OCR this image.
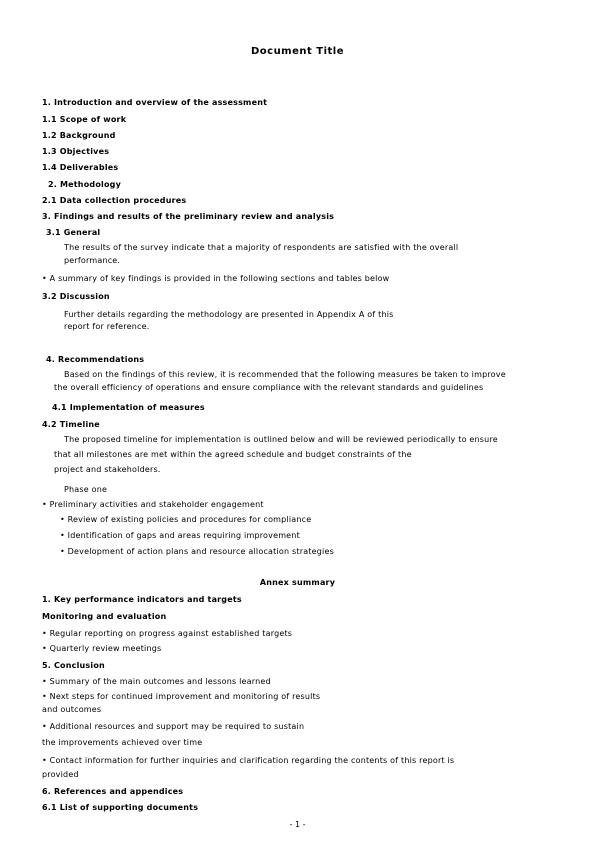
Document Title
1. Introduction and overview of the assessment
1.1 Scope of work
1.2 Background
1.3 Objectives
1.4 Deliverables
2. Methodology
2.1 Data collection procedures
3. Findings and results of the preliminary review and analysis
3.1 General
The results of the survey indicate that a majority of respondents are satisfied with the overall
performance.
• A summary of key findings is provided in the following sections and tables below
3.2 Discussion
Further details regarding the methodology are presented in Appendix A of this
report for reference.
4. Recommendations
Based on the findings of this review, it is recommended that the following measures be taken to improve
the overall efficiency of operations and ensure compliance with the relevant standards and guidelines
4.1 Implementation of measures
4.2 Timeline
The proposed timeline for implementation is outlined below and will be reviewed periodically to ensure
that all milestones are met within the agreed schedule and budget constraints of the
project and stakeholders.
Phase one
• Preliminary activities and stakeholder engagement
• Review of existing policies and procedures for compliance
• Identification of gaps and areas requiring improvement
• Development of action plans and resource allocation strategies
Annex summary
1. Key performance indicators and targets
Monitoring and evaluation
• Regular reporting on progress against established targets
• Quarterly review meetings
5. Conclusion
• Summary of the main outcomes and lessons learned
• Next steps for continued improvement and monitoring of results
and outcomes
• Additional resources and support may be required to sustain
the improvements achieved over time
• Contact information for further inquiries and clarification regarding the contents of this report is
provided
6. References and appendices
6.1 List of supporting documents
- 1 -
